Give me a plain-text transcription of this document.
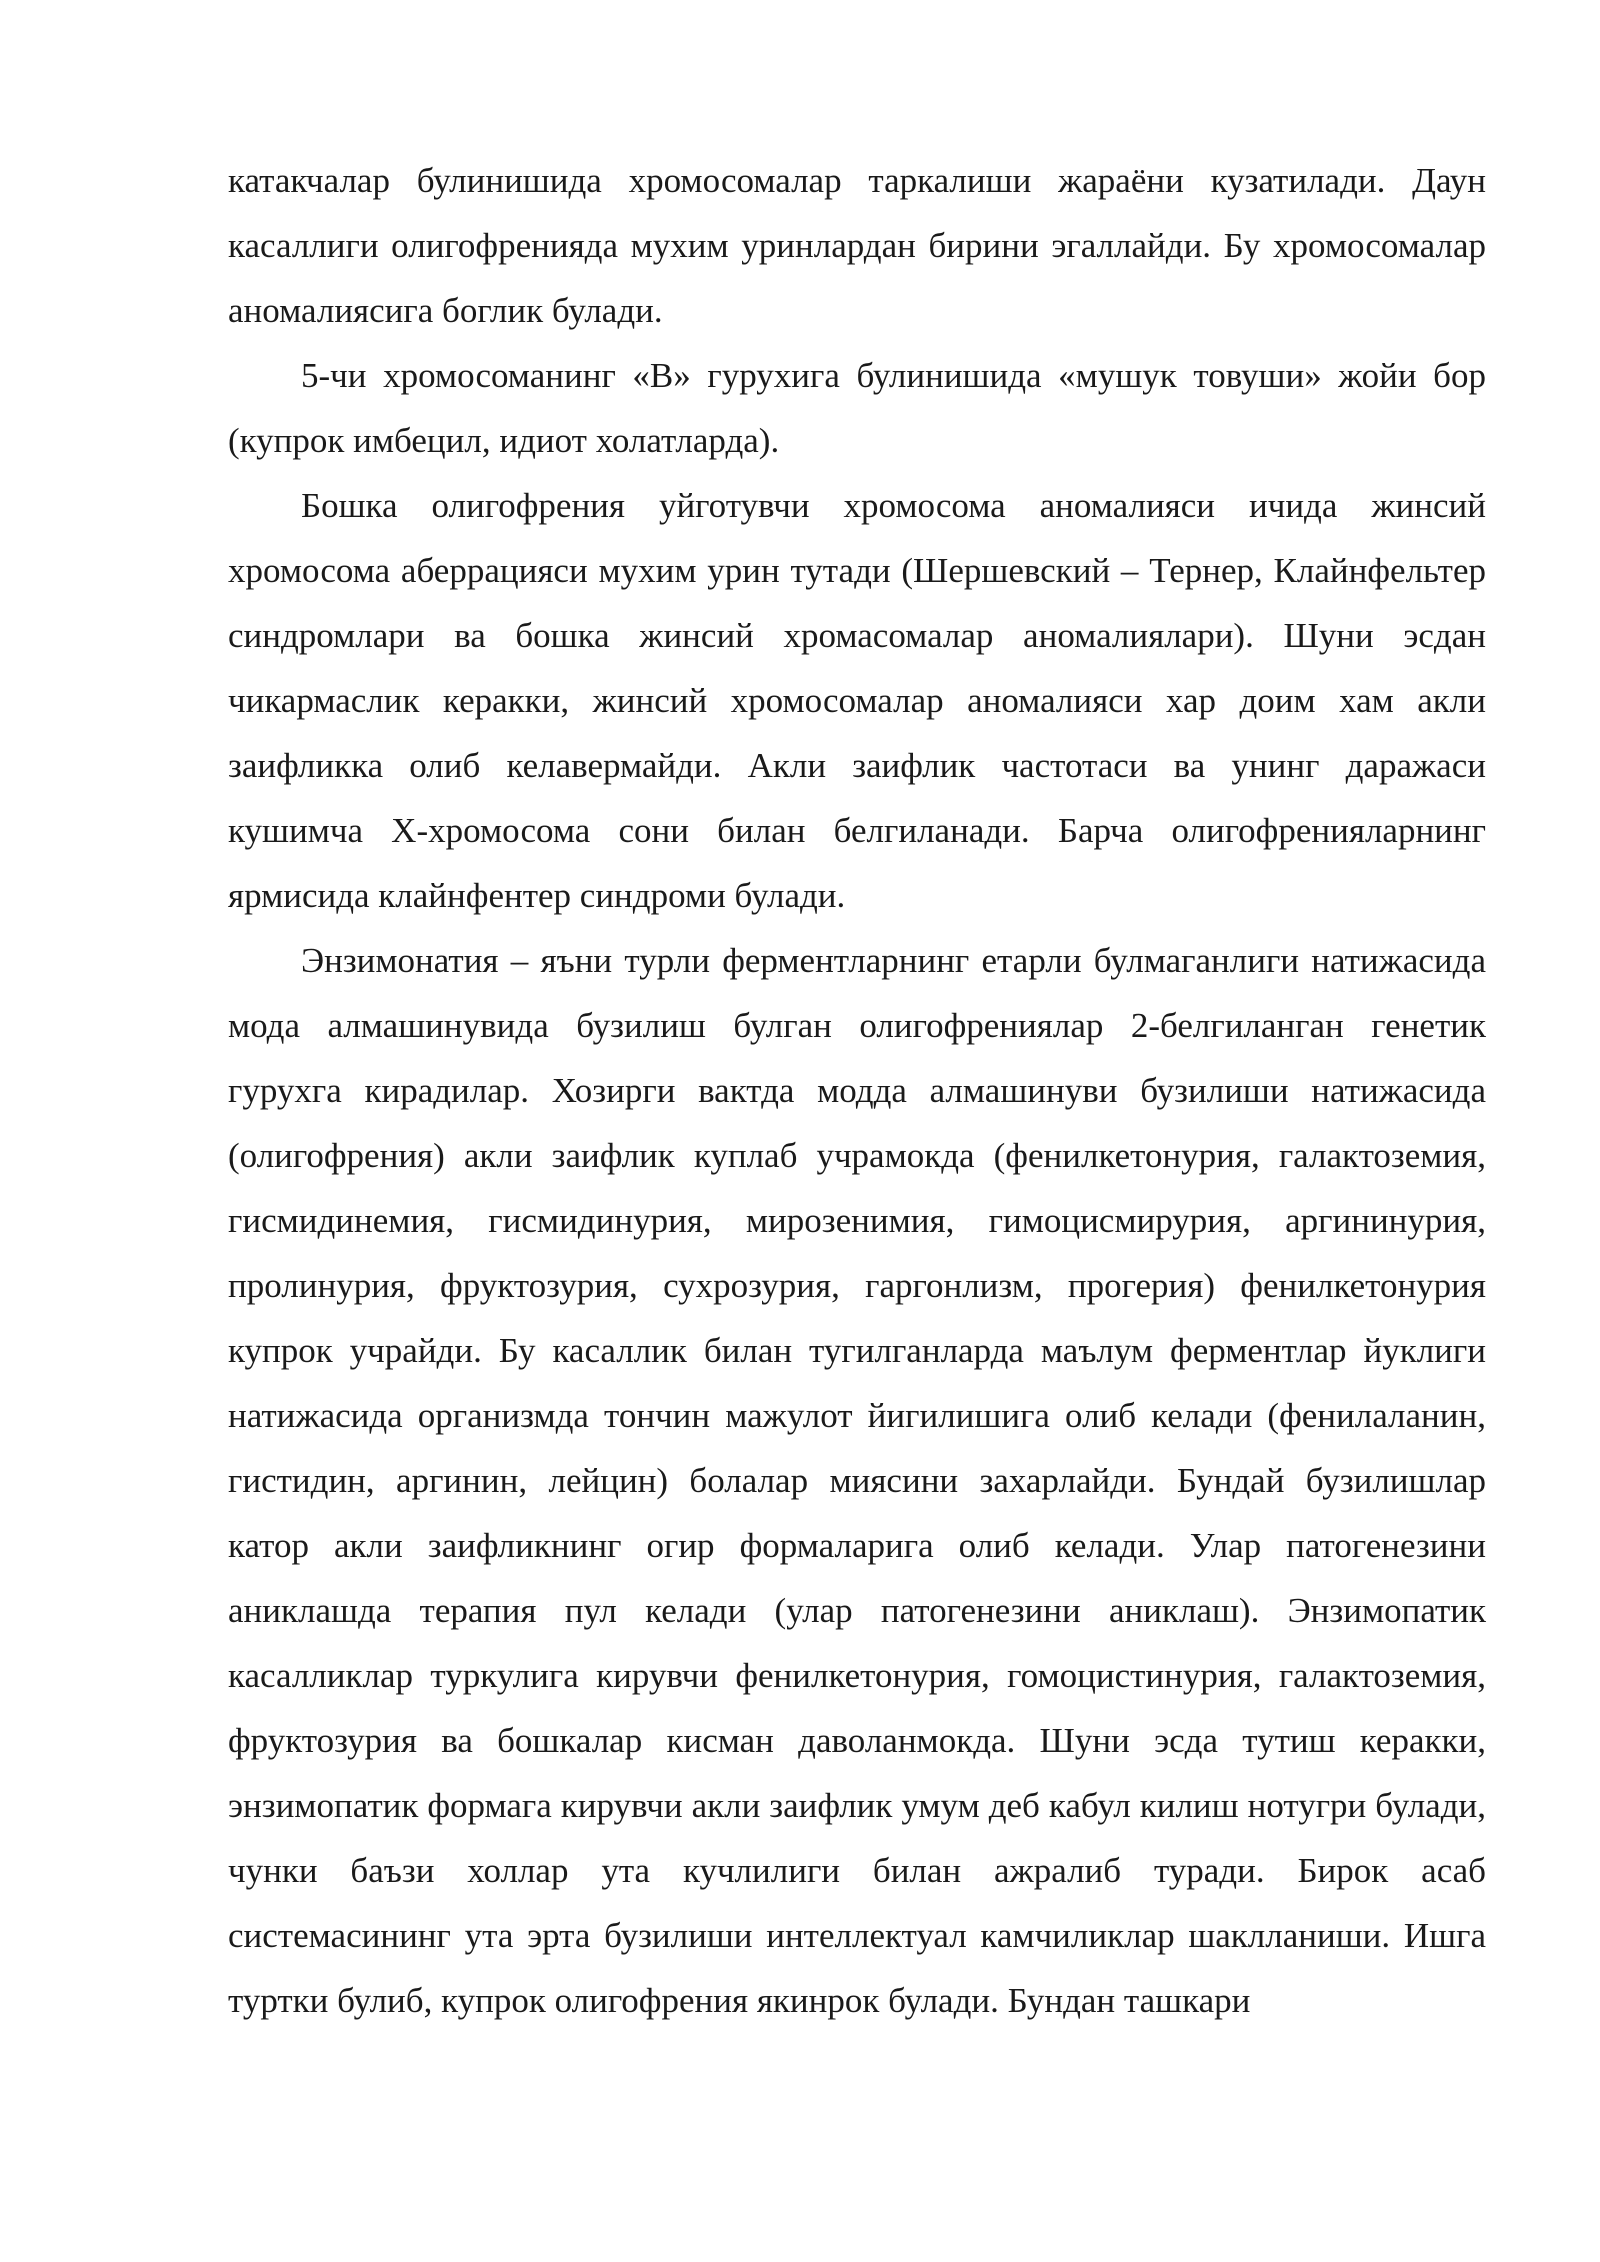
катакчалар булинишида хромосомалар таркалиши жараёни кузатилади. Даун касаллиги олигофренияда мухим уринлардан бирини эгаллайди. Бу хромосомалар аномалиясига боглик булади.

5-чи хромосоманинг «В» гурухига булинишида «мушук товуши» жойи бор (купрок имбецил, идиот холатларда).

Бошка олигофрения уйготувчи хромосома аномалияси ичида жинсий хромосома аберрацияси мухим урин тутади (Шершевский – Тернер, Клайнфельтер синдромлари ва бошка жинсий хромасомалар аномалиялари). Шуни эсдан чикармаслик керакки, жинсий хромосомалар аномалияси хар доим хам акли заифликка олиб келавермайди. Акли заифлик частотаси ва унинг даражаси кушимча Х-хромосома сони билан белгиланади. Барча олигофренияларнинг ярмисида клайнфентер синдроми булади.

Энзимонатия – яъни турли ферментларнинг етарли булмаганлиги натижасида мода алмашинувида бузилиш булган олигофрениялар 2-белгиланган генетик гурухга кирадилар. Хозирги вактда модда алмашинуви бузилиши натижасида (олигофрения) акли заифлик куплаб учрамокда (фенилкетонурия, галактоземия, гисмидинемия, гисмидинурия, мирозенимия, гимоцисмирурия, аргининурия, пролинурия, фруктозурия, сухрозурия, гаргонлизм, прогерия) фенилкетонурия купрок учрайди. Бу касаллик билан тугилганларда маълум ферментлар йуклиги натижасида организмда тончин мажулот йигилишига олиб келади (фенилаланин, гистидин, аргинин, лейцин) болалар миясини захарлайди. Бундай бузилишлар катор акли заифликнинг огир формаларига олиб келади. Улар патогенезини аниклашда терапия пул келади (улар патогенезини аниклаш). Энзимопатик касалликлар туркулига кирувчи фенилкетонурия, гомоцистинурия, галактоземия, фруктозурия ва бошкалар кисман даволанмокда. Шуни эсда тутиш керакки, энзимопатик формага кирувчи акли заифлик умум деб кабул килиш нотугри булади, чунки баъзи холлар ута кучлилиги билан ажралиб туради. Бирок асаб системасининг ута эрта бузилиши интеллектуал камчиликлар шаклланиши. Ишга туртки булиб, купрок олигофрения якинрок булади. Бундан ташкари
